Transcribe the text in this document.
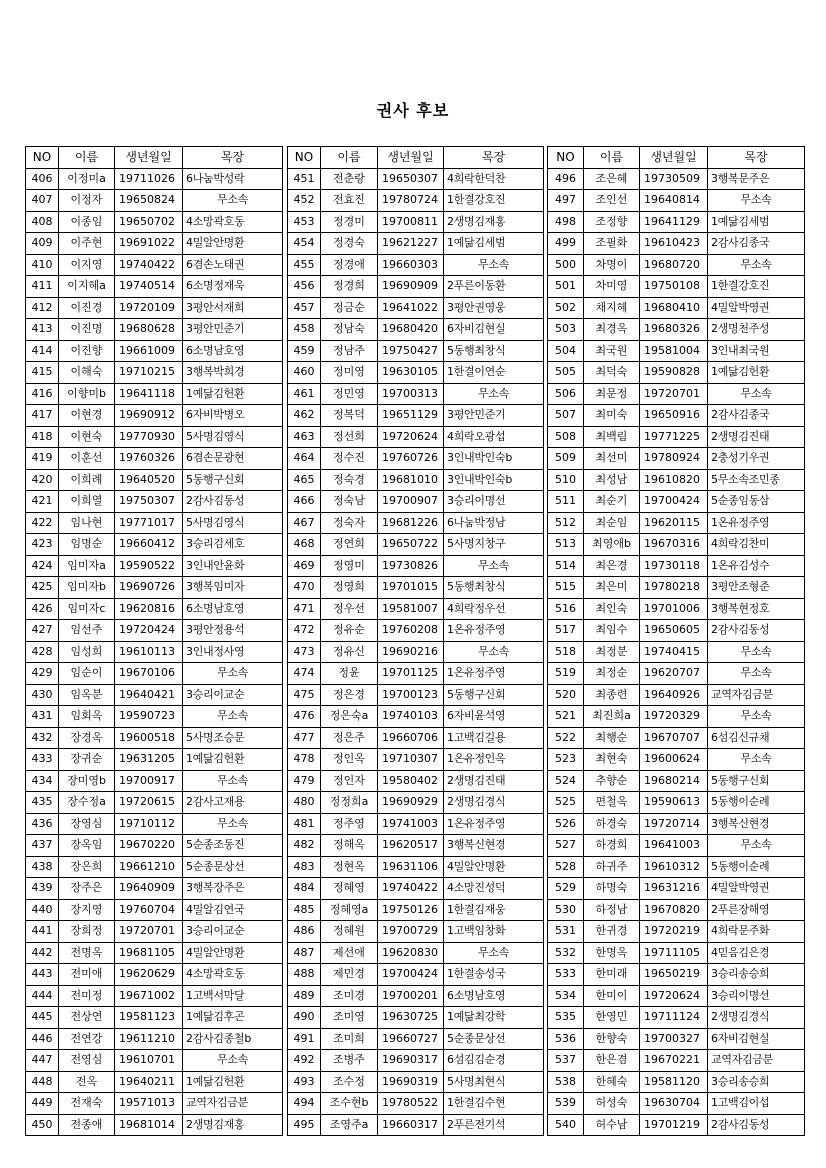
권사 후보
NO	이름	생년월일	목장
406	이정미a	19711026	6나눔박성락
407	이정자	19650824	무소속
408	이종임	19650702	4소망곽호동
409	이주현	19691022	4밀알안명환
410	이지영	19740422	6겸손노태권
411	이지혜a	19740514	6소명정재욱
412	이진경	19720109	3평안서재희
413	이진명	19680628	3평안민준기
414	이진향	19661009	6소명남호영
415	이해숙	19710215	3행복박희경
416	이향미b	19641118	1예닮김헌환
417	이현경	19690912	6자비박병오
418	이현숙	19770930	5사명김영식
419	이훈선	19760326	6겸손문광현
420	이희례	19640520	5동행구신회
421	이희열	19750307	2감사김동성
422	임나현	19771017	5사명김영식
423	임명순	19660412	3승리김세호
424	임미자a	19590522	3인내안윤화
425	임미자b	19690726	3행복임미자
426	임미자c	19620816	6소명남호영
427	임선주	19720424	3평안정용석
428	임성희	19610113	3인내정사영
429	임순이	19670106	무소속
430	임옥분	19640421	3승리이교순
431	임회옥	19590723	무소속
432	장경옥	19600518	5사명조승문
433	장귀순	19631205	1예닮김헌환
434	장미영b	19700917	무소속
435	장수정a	19720615	2감사고재용
436	장영심	19710112	무소속
437	장옥임	19670220	5순종조동진
438	장은희	19661210	5순종문상선
439	장주은	19640909	3행복장주은
440	장지영	19760704	4밀알김연국
441	장희정	19720701	3승리이교순
442	전명옥	19681105	4밀알안명환
443	전미애	19620629	4소망곽호동
444	전미정	19671002	1고백서막달
445	전상연	19581123	1예닮김후곤
446	전연강	19611210	2감사김종철b
447	전영심	19610701	무소속
448	전옥	19640211	1예닮김헌환
449	전재숙	19571013	교역자김금분
450	전종애	19681014	2생명김재홍
NO	이름	생년월일	목장
451	전춘랑	19650307	4희락한덕찬
452	전효진	19780724	1한결강호진
453	정경미	19700811	2생명김재홍
454	정경숙	19621227	1예닮김세범
455	정경애	19660303	무소속
456	정경희	19690909	2푸른이동환
457	정금순	19641022	3평안권영웅
458	정남숙	19680420	6자비김현실
459	정남주	19750427	5동행최창식
460	정미영	19630105	1한결이연순
461	정민영	19700313	무소속
462	정복덕	19651129	3평안민준기
463	정선희	19720624	4희락오광섭
464	정수진	19760726	3인내박인숙b
465	정숙경	19681010	3인내박인숙b
466	정숙남	19700907	3승리이명선
467	정숙자	19681226	6나눔박정남
468	정연희	19650722	5사명지창구
469	정영미	19730826	무소속
470	정영희	19701015	5동행최창식
471	정우선	19581007	4희락정우선
472	정유순	19760208	1온유정주영
473	정유신	19690216	무소속
474	정윤	19701125	1온유정주영
475	정은경	19700123	5동행구신회
476	정은숙a	19740103	6자비윤석영
477	정은주	19660706	1고백김길용
478	정인옥	19710307	1온유정인옥
479	정인자	19580402	2생명김진태
480	정정희a	19690929	2생명김경식
481	정주영	19741003	1온유정주영
482	정해옥	19620517	3행복신현경
483	정현옥	19631106	4밀알안명환
484	정혜영	19740422	4소망진성덕
485	정혜영a	19750126	1한결김재웅
486	정혜원	19700729	1고백임창화
487	제선애	19620830	무소속
488	제민경	19700424	1한결송성국
489	조미경	19700201	6소명남호영
490	조미영	19630725	1예닮최강학
491	조미희	19660727	5순종문상선
492	조병주	19690317	6섬김김순경
493	조수정	19690319	5사명최현식
494	조수현b	19780522	1한결김수현
495	조영주a	19660317	2푸른전기석
NO	이름	생년월일	목장
496	조은혜	19730509	3행복문주은
497	조인선	19640814	무소속
498	조정향	19641129	1예닮김세범
499	조필화	19610423	2감사김종국
500	차명이	19680720	무소속
501	차미영	19750108	1한결강호진
502	채지혜	19680410	4밀알박영권
503	최경옥	19680326	2생명천주성
504	최국원	19581004	3인내최국원
505	최덕숙	19590828	1예닮김헌환
506	최문정	19720701	무소속
507	최미숙	19650916	2감사김종국
508	최백림	19771225	2생명김진태
509	최선미	19780924	2충성기우권
510	최성남	19610820	5무소속조민종
511	최순기	19700424	5순종임동삼
512	최순임	19620115	1온유정주영
513	최영애b	19670316	4희락김찬미
514	최은경	19730118	1온유김성수
515	최은미	19780218	3평안조형준
516	최인숙	19701006	3행복현정호
517	최임수	19650605	2감사김동성
518	최정분	19740415	무소속
519	최정순	19620707	무소속
520	최종련	19640926	교역자김금분
521	최진희a	19720329	무소속
522	최행순	19670707	6섬김신규채
523	최현숙	19600624	무소속
524	추향순	19680214	5동행구신회
525	편철옥	19590613	5동행이순례
526	하경숙	19720714	3행복신현경
527	하경희	19641003	무소속
528	하귀주	19610312	5동행이순례
529	하명숙	19631216	4밀알박영권
530	하정남	19670820	2푸른장해영
531	한귀경	19720219	4희락문주화
532	한명옥	19711105	4믿음김은경
533	한미래	19650219	3승리송승희
534	한미이	19720624	3승리이명선
535	한영민	19711124	2생명김경식
536	한향숙	19700327	6자비김현실
537	한은겸	19670221	교역자김금분
538	한혜숙	19581120	3승리송승희
539	허성숙	19630704	1고백김이섭
540	허수남	19701219	2감사김동성
